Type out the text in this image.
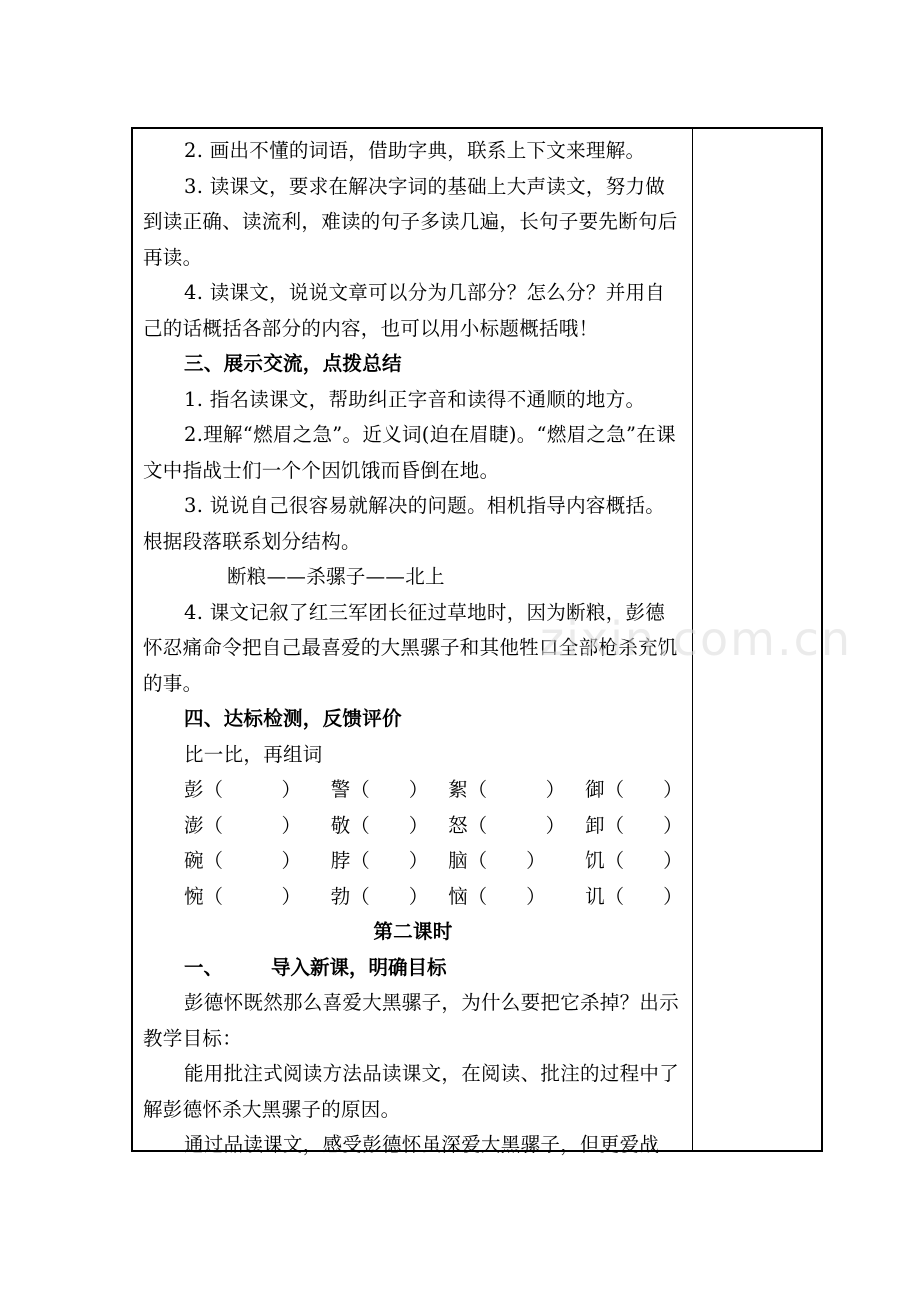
2. 画出不懂的词语，借助字典，联系上下文来理解。

3. 读课文，要求在解决字词的基础上大声读文，努力做到读正确、读流利，难读的句子多读几遍，长句子要先断句后再读。

4. 读课文，说说文章可以分为几部分？怎么分？并用自己的话概括各部分的内容，也可以用小标题概括哦！

三、展示交流，点拨总结

1. 指名读课文，帮助纠正字音和读得不通顺的地方。

2.理解“燃眉之急”。近义词(迫在眉睫)。“燃眉之急”在课文中指战士们一个个因饥饿而昏倒在地。

3. 说说自己很容易就解决的问题。相机指导内容概括。根据段落联系划分结构。

断粮——杀骡子——北上

4. 课文记叙了红三军团长征过草地时，因为断粮，彭德怀忍痛命令把自己最喜爱的大黑骡子和其他牲口全部枪杀充饥的事。

四、达标检测，反馈评价

比一比，再组词

彭（　　　）	警（　　）	絮（　　　）	御（　　）
澎（　　　）	敬（　　）	怒（　　　）	卸（　　）
碗（　　　）	脖（　　）	脑（　　）	饥（　　）
惋（　　　）	勃（　　）	恼（　　）	讥（　　）

第二课时

一、 导入新课，明确目标

彭德怀既然那么喜爱大黑骡子，为什么要把它杀掉？出示教学目标：

能用批注式阅读方法品读课文，在阅读、批注的过程中了解彭德怀杀大黑骡子的原因。

通过品读课文，感受彭德怀虽深爱大黑骡子，但更爱战

zixin.com.cn
